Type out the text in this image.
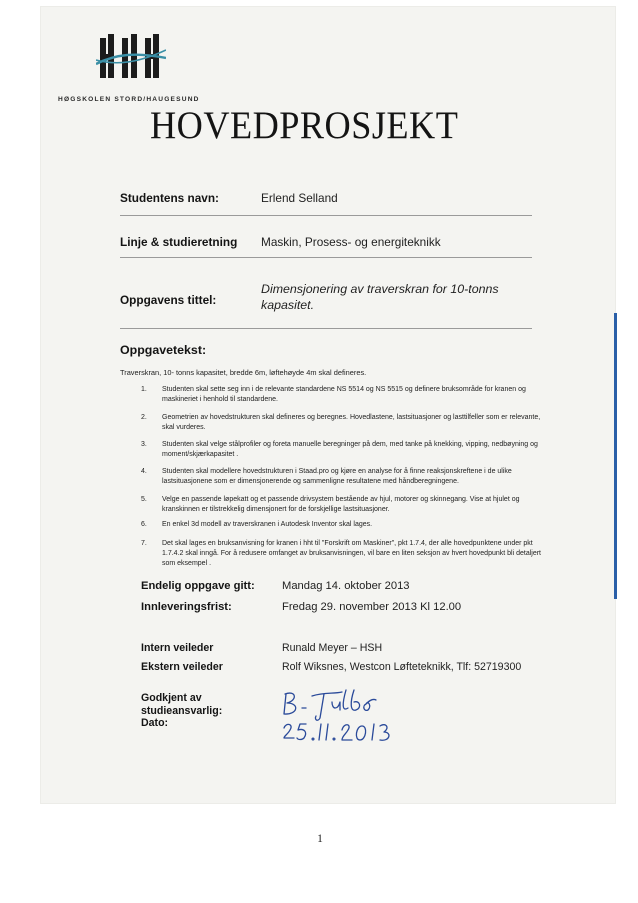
HØGSKOLEN STORD/HAUGESUND
HOVEDPROSJEKT
Studentens navn:	Erlend Selland
Linje & studieretning Maskin, Prosess- og energiteknikk
Oppgavens tittel:
Dimensjonering av traverskran for 10-tonns
kapasitet.
Oppgavetekst:
Traverskran, 10- tonns kapasitet, bredde 6m, løftehøyde 4m skal defineres.
1. Studenten skal sette seg inn i de relevante standardene NS 5514 og NS 5515 og definere bruksområde for kranen og maskineriet i henhold til standardene.
2. Geometrien av hovedstrukturen skal defineres og beregnes. Hovedlastene, lastsituasjoner og lasttilfeller som er relevante, skal vurderes.
3. Studenten skal velge stålprofiler og foreta manuelle beregninger på dem, med tanke på knekking, vipping, nedbøyning og moment/skjærkapasitet .
4. Studenten skal modellere hovedstrukturen i Staad.pro og kjøre en analyse for å finne reaksjonskreftene i de ulike lastsituasjonene som er dimensjonerende og sammenligne resultatene med håndberegningene.
5. Velge en passende løpekatt og et passende drivsystem bestående av hjul, motorer og skinnegang. Vise at hjulet og kranskinnen er tilstrekkelig dimensjonert for de forskjellige lastsituasjoner.
6. En enkel 3d modell av traverskranen i Autodesk Inventor skal lages.
7. Det skal lages en bruksanvisning for kranen i hht til "Forskrift om Maskiner", pkt 1.7.4, der alle hovedpunktene under pkt 1.7.4.2 skal inngå. For å redusere omfanget av bruksanvisningen, vil bare en liten seksjon av hvert hovedpunkt bli detaljert som eksempel .
Endelig oppgave gitt: Mandag 14. oktober 2013
Innleveringsfrist:	Fredag 29. november 2013 Kl 12.00
Intern veileder	Runald Meyer – HSH
Ekstern veileder	Rolf Wiksnes, Westcon Løfteteknikk, Tlf: 52719300
Godkjent av
studieansvarlig:
Dato:
1
